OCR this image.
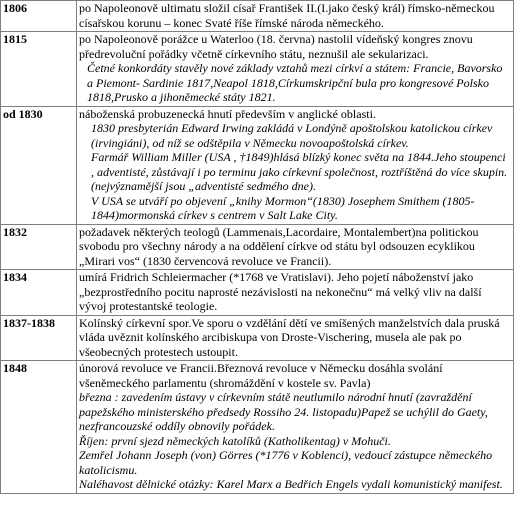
1806	po Napoleonově ultimatu složil císař František II.(I.jako český král) římsko-německou císařskou korunu – konec Svaté říše římské národa německého.

1815	po Napoleonově porážce u Waterloo (18. června) nastolil vídeňský kongres znovu předrevoluční pořádky včetně církevního státu, neznušil ale sekularizaci.
Četné konkordáty stavěly nové základy vztahů mezi církví a státem: Francie, Bavorsko a Piemont- Sardinie 1817,Neapol 1818,Církumskripční bula pro kongresové Polsko 1818,Prusko a jihoněmecké státy 1821.

od 1830	náboženská probuzenecká hnutí především v anglické oblasti.
1830 presbyterián Edward Irwing zakládá v Londýně apoštolskou katolickou církev (irvingiáni), od níž se odštěpila v Německu novoapoštolská církev.
Farmář William Miller (USA , †1849)hlásá blízký konec světa na 1844.Jeho stoupenci , adventisté, zůstávají i po terminu jako církevní společnost, roztříštěná do více skupin.(nejvýznamější jsou „adventisté sedmého dne).
V USA se utváří po objevení „knihy Mormon“(1830) Josephem Smithem (1805-1844)mormonská církev s centrem v Salt Lake City.

1832	požadavek některých teologů (Lammenais,Lacordaire, Montalembert)na politickou svobodu pro všechny národy a na oddělení církve od státu byl odsouzen ecyklikou „Mirari vos“ (1830 červencová revoluce ve Francii).

1834	umírá Fridrich Schleiermacher (*1768 ve Vratislavi). Jeho pojetí náboženství jako „bezprostředního pocitu naprosté nezávislosti na nekonečnu“ má velký vliv na další vývoj protestantské teologie.

1837-1838	Kolínský církevní spor.Ve sporu o vzdělání dětí ve smíšených manželstvích dala pruská vláda uvěznit kolínského arcibiskupa von Droste-Vischering, musela ale pak po všeobecných protestech ustoupit.

1848	únorová revoluce ve Francii.Březnová revoluce v Německu dosáhla svolání všeněmeckého parlamentu (shromáždění v kostele sv. Pavla)
března : zavedením ústavy v církevním státě neutlumilo národní hnutí (zavraždění papežského ministerského předsedy Rossiho 24. listopadu)Papež se uchýlil do Gaety, nezfrancouzské oddíly obnovily pořádek.
Říjen: první sjezd německých katolíků (Katholikentag) v Mohuči.
Zemřel Johann Joseph (von) Görres (*1776 v Koblenci), vedoucí zástupce německého katolicismu.
Naléhavost dělnické otázky: Karel Marx a Bedřich Engels vydali komunistický manifest.
